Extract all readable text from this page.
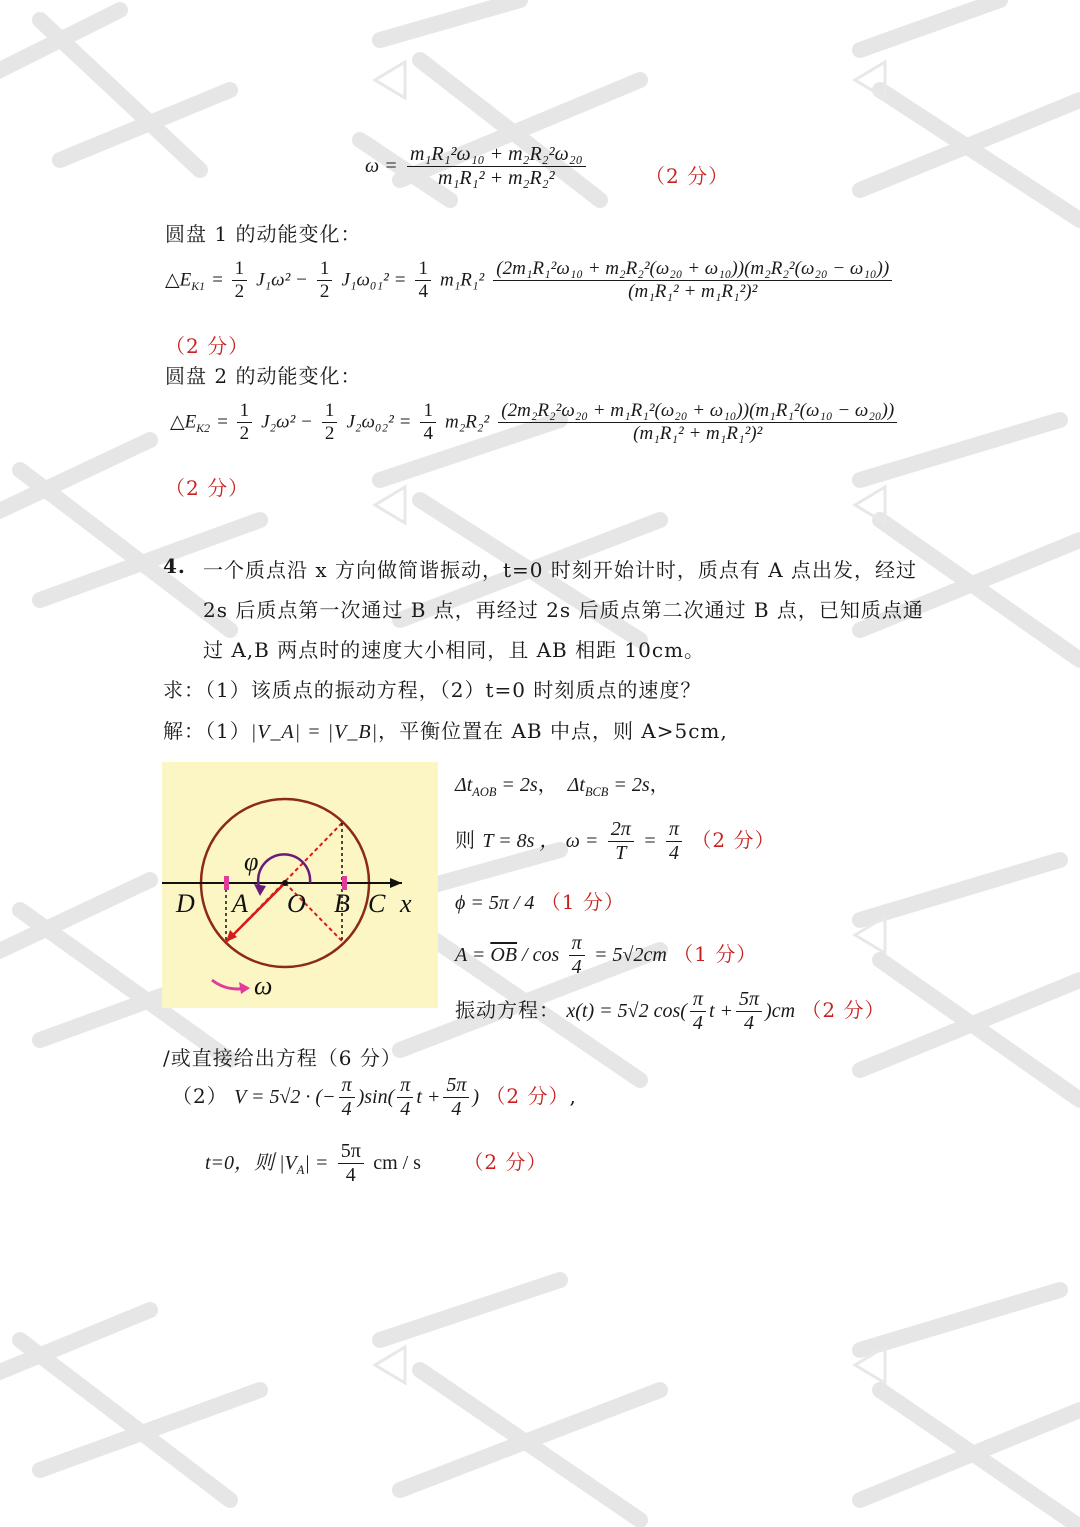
$\omega = \frac{\text{m₁R₁²ω₁₀ + m₂R₂²ω₂₀}}{\text{m₁R₁² + m₂R₂²}}$	（2 分）
圆盘 1 的动能变化：
$\triangle E_{K1} = \frac{1}{2} J_1\omega^2 - \frac{1}{2} J_1\omega_{01}^2 = \frac{1}{4} m_1R_1^2 \frac{\text{(2m₁R₁²ω₁₀ + m₂R₂²(ω₂₀ + ω₁₀))(m₂R₂²(ω₂₀ − ω₁₀))}}{\text{(m₁R₁² + m₁R₁²)²}}$
（2 分）
圆盘 2 的动能变化：
$\triangle E_{K2} = \frac{1}{2} J_2\omega^2 - \frac{1}{2} J_2\omega_{02}^2 = \frac{1}{4} m_2R_2^2 \frac{\text{(2m₂R₂²ω₂₀ + m₁R₁²(ω₂₀ + ω₁₀))(m₁R₁²(ω₁₀ − ω₂₀))}}{\text{(m₁R₁² + m₁R₁²)²}}$
（2 分）
4. 一个质点沿 x 方向做简谐振动，t=0 时刻开始计时，质点有 A 点出发，经过
2s 后质点第一次通过 B 点，再经过 2s 后质点第二次通过 B 点，已知质点通
过 A,B 两点时的速度大小相同，且 AB 相距 10cm。
求：（1）该质点的振动方程，（2）t=0 时刻质点的速度？
解：（1）|V_A| = |V_B|，平衡位置在 AB 中点，则 A>5cm,
φ
D A O B C x
ω
$\Delta t_{AOB} = 2s$，  $\Delta t_{BCB} = 2s$，
则 T = 8s ， $\omega = \frac{2\pi}{T} = \frac{\pi}{4} (2$ 分）
ϕ = 5π / 4 （1 分）
$A = \overline{OB} / \cos \frac{\pi}{4} = 5√2cm$ （1 分）
振动方程： x(t) = 5√2 $\cos( \frac{\pi}{4}$ $t + \frac{5\pi}{4} )cm$ （2 分）
/或直接给出方程（6 分）
（2） V = 5√2 · (− $\frac{\pi}{4} )\sin( \frac{\pi}{4}$ $t + \frac{5\pi}{4}$ ) （2 分）,
t=0，则 $|V_A| = \frac{5\pi}{4}$ cm / s （2 分）
